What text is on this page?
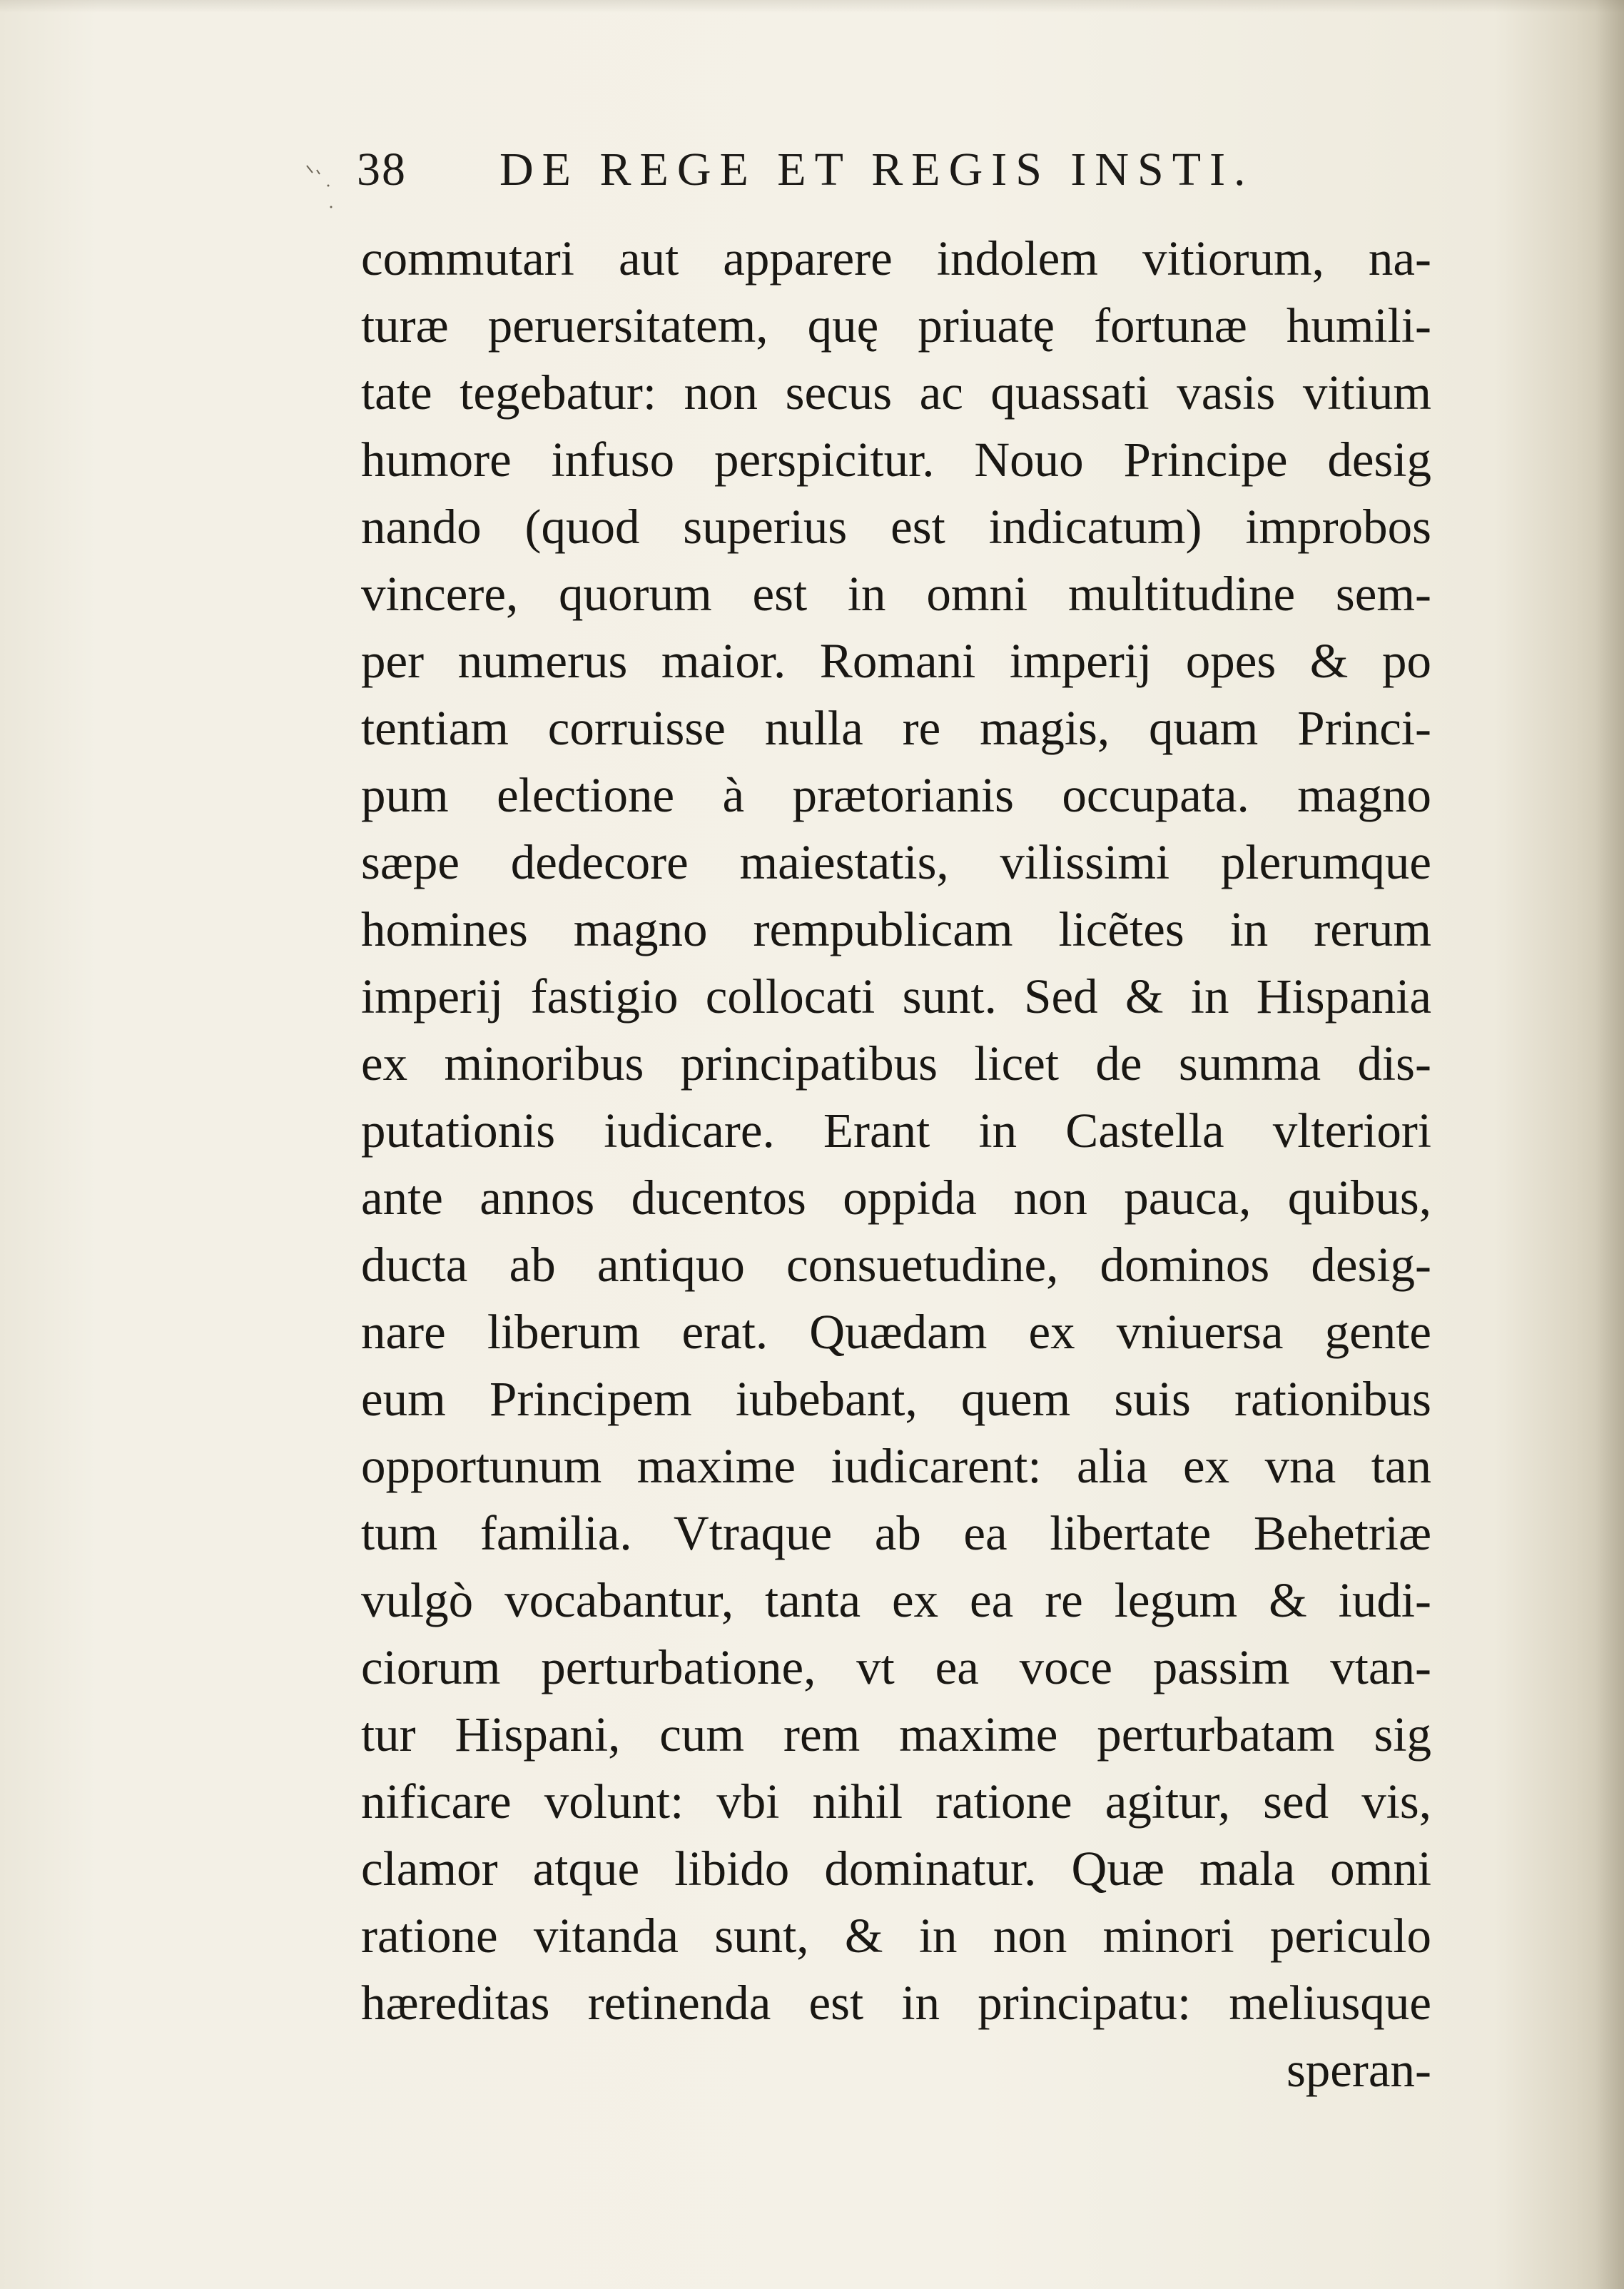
38 DE REGE ET REGIS INSTI.
commutari aut apparere indolem vitiorum, na-
turæ peruersitatem, quę priuatę fortunæ humili-
tate tegebatur: non secus ac quassati vasis vitium
humore infuso perspicitur. Nouo Principe desig
nando (quod superius est indicatum) improbos
vincere, quorum est in omni multitudine sem-
per numerus maior. Romani imperij opes & po
tentiam corruisse nulla re magis, quam Princi-
pum electione à prætorianis occupata. magno
sæpe dedecore maiestatis, vilissimi plerumque
homines magno rempublicam licẽtes in rerum
imperij fastigio collocati sunt. Sed & in Hispania
ex minoribus principatibus licet de summa dis-
putationis iudicare. Erant in Castella vlteriori
ante annos ducentos oppida non pauca, quibus,
ducta ab antiquo consuetudine, dominos desig-
nare liberum erat. Quædam ex vniuersa gente
eum Principem iubebant, quem suis rationibus
opportunum maxime iudicarent: alia ex vna tan
tum familia. Vtraque ab ea libertate Behetriæ
vulgò vocabantur, tanta ex ea re legum & iudi-
ciorum perturbatione, vt ea voce passim vtan-
tur Hispani, cum rem maxime perturbatam sig
nificare volunt: vbi nihil ratione agitur, sed vis,
clamor atque libido dominatur. Quæ mala omni
ratione vitanda sunt, & in non minori periculo
hæreditas retinenda est in principatu: meliusque
speran-
